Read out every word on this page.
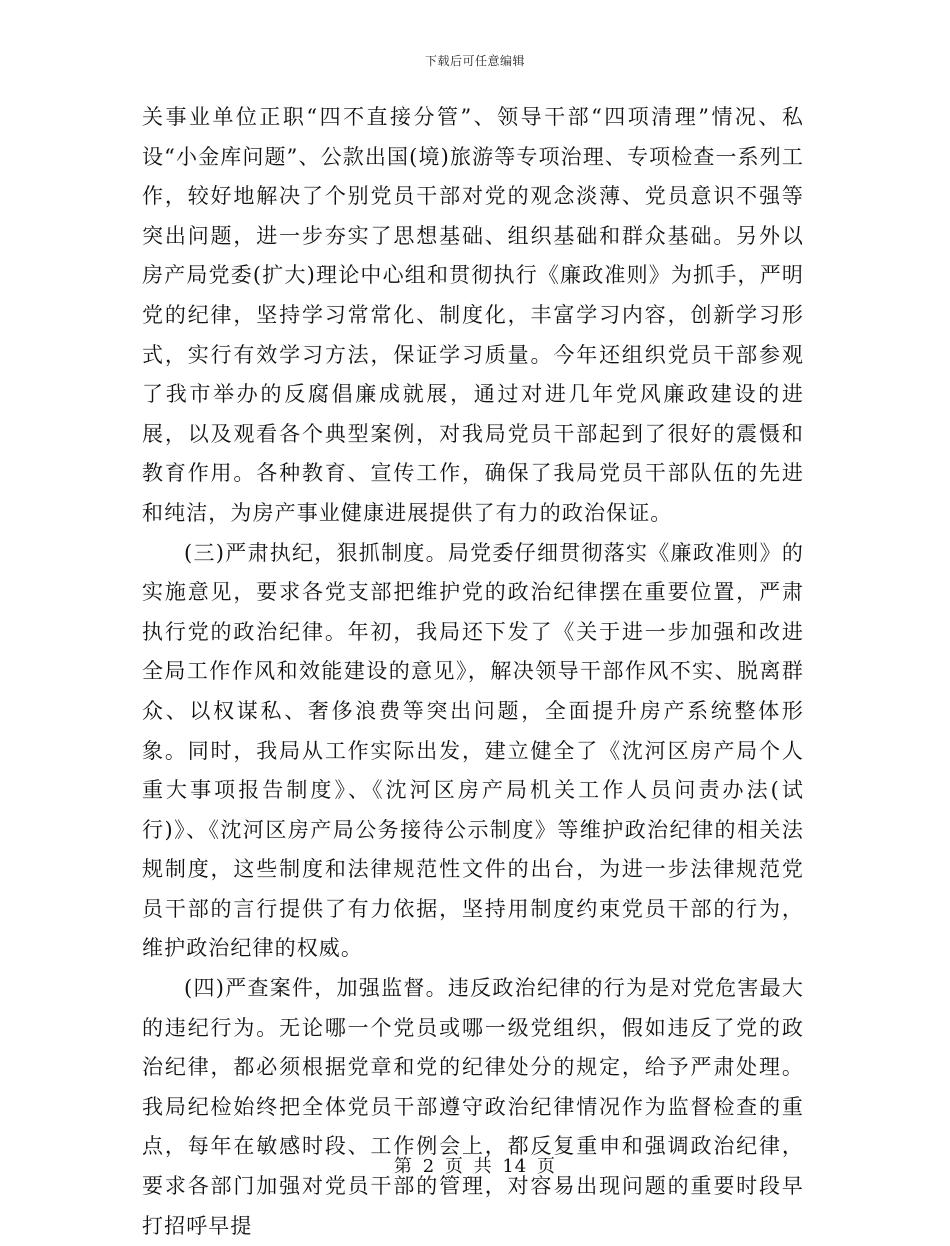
下载后可任意编辑

关事业单位正职“四不直接分管”、领导干部“四项清理”情况、私设“小金库问题”、公款出国(境)旅游等专项治理、专项检查一系列工作，较好地解决了个别党员干部对党的观念淡薄、党员意识不强等突出问题，进一步夯实了思想基础、组织基础和群众基础。另外以房产局党委(扩大)理论中心组和贯彻执行《廉政准则》为抓手，严明党的纪律，坚持学习常常化、制度化，丰富学习内容，创新学习形式，实行有效学习方法，保证学习质量。今年还组织党员干部参观了我市举办的反腐倡廉成就展，通过对进几年党风廉政建设的进展，以及观看各个典型案例，对我局党员干部起到了很好的震慑和教育作用。各种教育、宣传工作，确保了我局党员干部队伍的先进和纯洁，为房产事业健康进展提供了有力的政治保证。

(三)严肃执纪，狠抓制度。局党委仔细贯彻落实《廉政准则》的实施意见，要求各党支部把维护党的政治纪律摆在重要位置，严肃执行党的政治纪律。年初，我局还下发了《关于进一步加强和改进全局工作作风和效能建设的意见》，解决领导干部作风不实、脱离群众、以权谋私、奢侈浪费等突出问题，全面提升房产系统整体形象。同时，我局从工作实际出发，建立健全了《沈河区房产局个人重大事项报告制度》、《沈河区房产局机关工作人员问责办法(试行)》、《沈河区房产局公务接待公示制度》等维护政治纪律的相关法规制度，这些制度和法律规范性文件的出台，为进一步法律规范党员干部的言行提供了有力依据，坚持用制度约束党员干部的行为，维护政治纪律的权威。

(四)严查案件，加强监督。违反政治纪律的行为是对党危害最大的违纪行为。无论哪一个党员或哪一级党组织，假如违反了党的政治纪律，都必须根据党章和党的纪律处分的规定，给予严肃处理。我局纪检始终把全体党员干部遵守政治纪律情况作为监督检查的重点，每年在敏感时段、工作例会上，都反复重申和强调政治纪律，要求各部门加强对党员干部的管理，对容易出现问题的重要时段早打招呼早提

第 2 页 共 14 页
